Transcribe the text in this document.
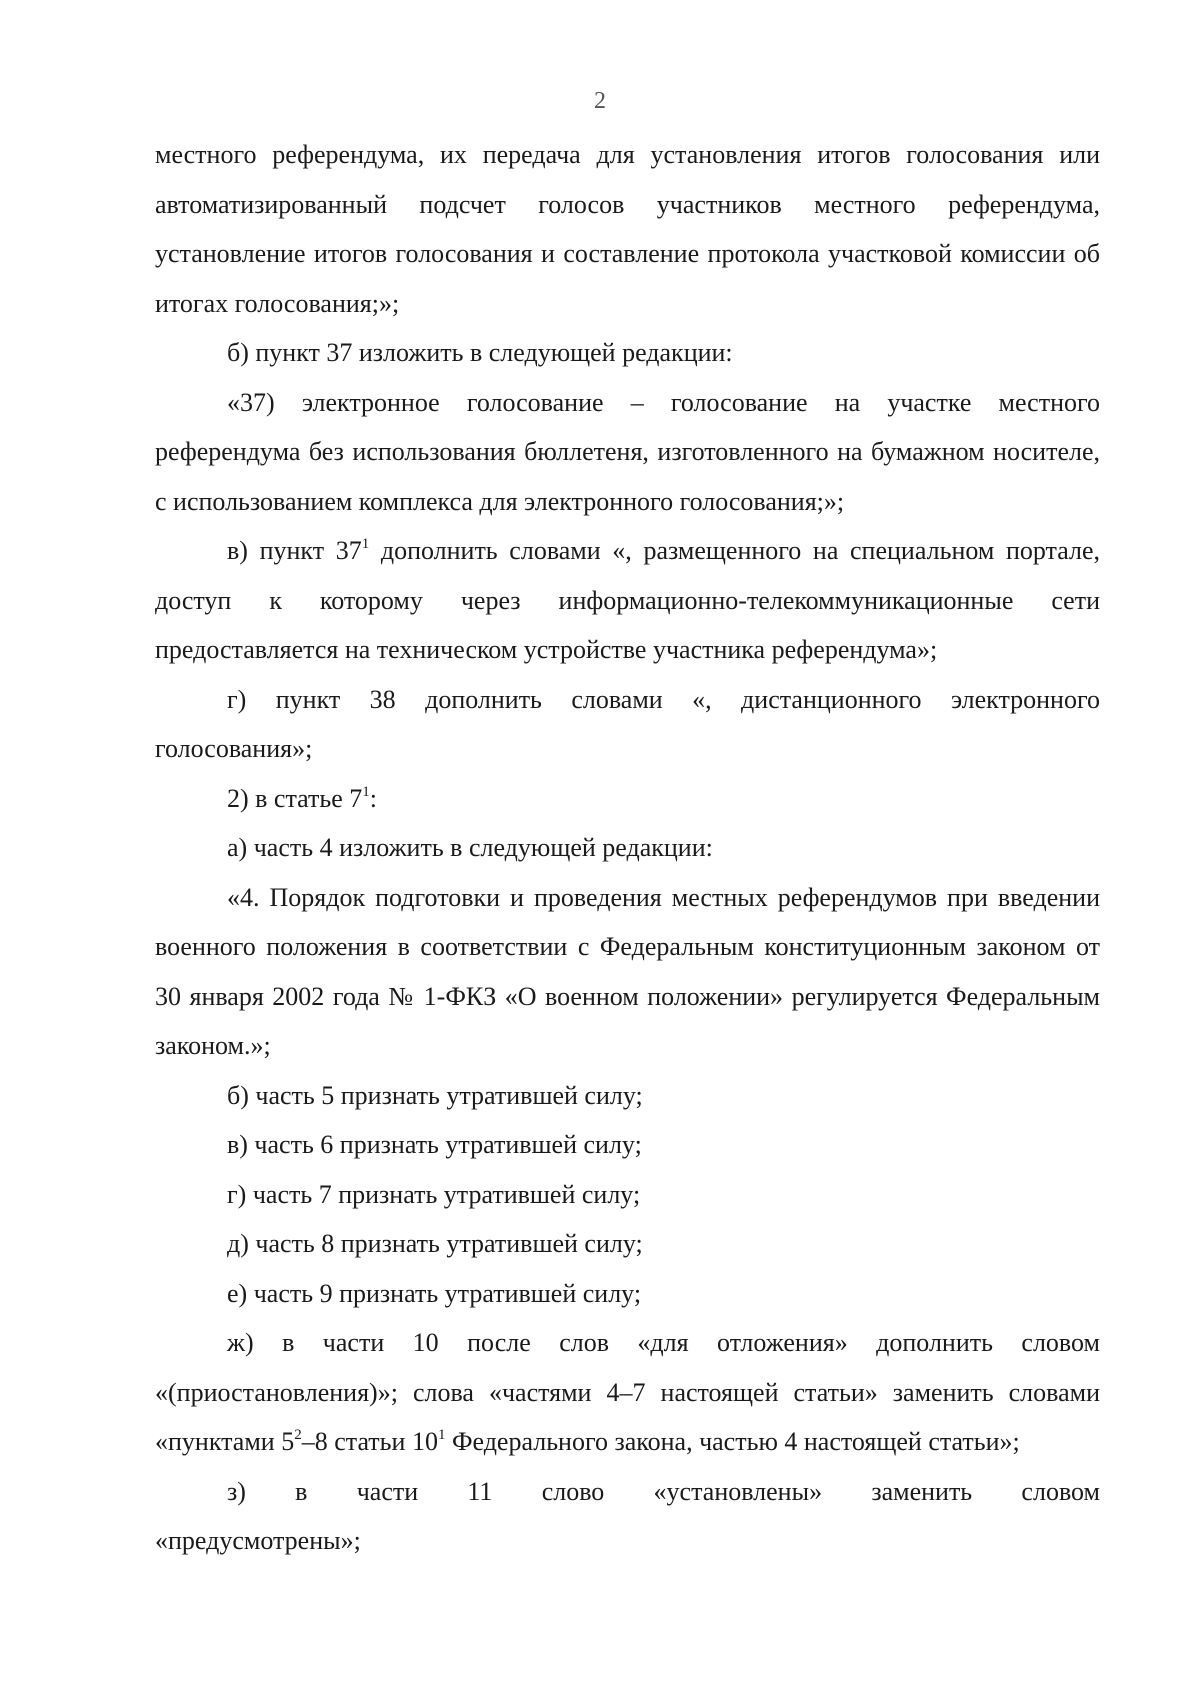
2

местного референдума, их передача для установления итогов голосования или автоматизированный подсчет голосов участников местного референдума, установление итогов голосования и составление протокола участковой комиссии об итогах голосования;»;

б) пункт 37 изложить в следующей редакции:

«37) электронное голосование – голосование на участке местного референдума без использования бюллетеня, изготовленного на бумажном носителе, с использованием комплекса для электронного голосования;»;

в) пункт $37^1$ дополнить словами «, размещенного на специальном портале, доступ к которому через информационно-телекоммуникационные сети предоставляется на техническом устройстве участника референдума»;

г) пункт 38 дополнить словами «, дистанционного электронного голосования»;

2) в статье $7^1$:

а) часть 4 изложить в следующей редакции:

«4. Порядок подготовки и проведения местных референдумов при введении военного положения в соответствии с Федеральным конституционным законом от 30 января 2002 года № 1-ФКЗ «О военном положении» регулируется Федеральным законом.»;

б) часть 5 признать утратившей силу;

в) часть 6 признать утратившей силу;

г) часть 7 признать утратившей силу;

д) часть 8 признать утратившей силу;

е) часть 9 признать утратившей силу;

ж) в части 10 после слов «для отложения» дополнить словом «(приостановления)»; слова «частями 4–7 настоящей статьи» заменить словами «пунктами $5^2-8$ статьи $10^1$ Федерального закона, частью 4 настоящей статьи»;

з) в части 11 слово «установлены» заменить словом

«предусмотрены»;
